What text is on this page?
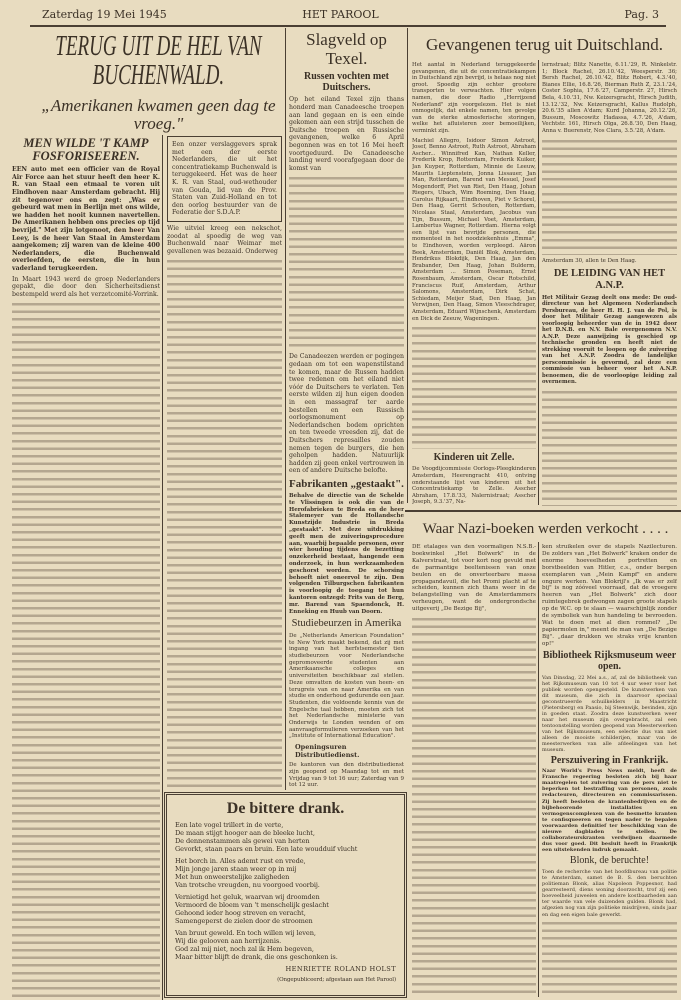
Zaterdag 19 Mei 1945	HET PAROOL	Pag. 3
TERUG UIT DE HEL VAN BUCHENWALD.
„Amerikanen kwamen geen dag te vroeg."
MEN WILDE 'T KAMP FOSFORISEEREN.
EEN auto met een officier van de Royal Air Force aan het stuur heeft den heer K. R. van Staal een etmaal te voren uit Eindhoven naar Amsterdam gebracht. Hij zit tegenover ons en zegt: „Was er gebeurd wat men in Berlijn met ons wilde, we hadden het nooit kunnen navertellen. De Amerikanen hebben ons precies op tijd bevrijd." Met zijn lotgenoot, den heer Van Leey, is de heer Van Staal in Amsterdam aangekomen; zij waren van de kleine 400 Nederlanders, die Buchenwald overleefden, de eersten, die in hun vaderland terugkeerden.
In Maart 1943 werd de groep Nederlanders gepakt, die door den Sicherheitsdienst bestempeld werd als het verzetcomité-Vorrink.
Een onzer verslaggevers sprak met een der eerste Nederlanders, die uit het concentratiekamp Buchenwald is teruggekeerd. Het was de heer K. R. van Staal, oud-wethouder van Gouda, lid van de Prov. Staten van Zuid-Holland en tot den oorlog bestuurder van de Federatie der S.D.A.P.
Wie uitviel kreeg een nekschot, zoodat al spoedig de weg van Buchenwald naar Weimar met gevallenen was bezaaid. Onderweg
Slagveld op Texel.
Russen vochten met Duitschers.
Op het eiland Texel zijn thans honderd man Canadeesche troepen aan land gegaan en is een einde gekomen aan een strijd tusschen de Duitsche troepen en Russische gevangenen, welke 6 April begonnen was en tot 16 Mei heeft voortgeduurd. De Canadeesche landing werd voorafgegaan door de komst van
De Canadeezen werden er pogingen gedaan om tot een wapenstilstand te komen, maar de Russen hadden twee redenen om het eiland niet vóór de Duitschers te verlaten. Ten eerste wilden zij hun eigen dooden in een massagraf ter aarde bestellen en een Russisch oorlogsmonument op Nederlandschen bodem oprichten en ten tweede vreesden zij, dat de Duitschers represailles zouden nemen tegen de burgers, die hen geholpen hadden. Natuurlijk hadden zij geen enkel vertrouwen in een of andere Duitsche belofte.
Fabrikanten „gestaakt".
Behalve de directie van de Schelde te Vlissingen is ook die van de Herofabrieken te Breda en de heer Stalemeyer van de Hollandsche Kunstzijde Industrie in Breda „gestaakt". Met deze uitdrukking geeft men de zuiveringsprocedure aan, waarbij bepaalde personen, over wier houding tijdens de bezetting onzekerheid bestaat, hangende een onderzoek, in hun werkzaamheden geschorst worden. De schorsing behoeft niet oneervol te zijn. Den volgenden Tilburgschen fabrikanten is voorloopig de toegang tot hun kantoren ontzegd: Frits van de Berg, mr. Barend van Spaendonck, H. Enneking en Huub van Doorn.
Studiebeurzen in Amerika
De „Netherlands American Foundation" te New York maakt bekend, dat zij met ingang van het herfstsemester tien studiebeurzen voor Nederlandsche gepromoveerde studenten aan Amerikaansche colleges en universiteiten beschikbaar zal stellen. Deze omvatten de kosten van heen- en terugreis van en naar Amerika en van studie en onderhoud gedurende een jaar. Studenten, die voldoende kennis van de Engelsche taal hebben, moeten zich tot het Nederlandsche ministerie van Onderwijs te Londen wenden of om aanvraagformulieren verzoeken van het „Institute of International Education".
Openingsuren Distributiedienst.
De kantoren van den distributiedienst zijn geopend op Maandag tot en met Vrijdag van 9 tot 16 uur; Zaterdag van 9 tot 12 uur.
Gevangenen terug uit Duitschland.
Het aantal in Nederland teruggekeerde gevangenen, die uit de concentratiekampen in Duitschland zijn bevrijd, is helaas nog niet groot. Spoedig zijn echter grootere transporten te verwachten. Hier volgen namen, die door Radio „Herrijzend Nederland" zijn voorgelezen. Het is niet onmogelijk, dat enkele namen, ten gevolge van de sterke atmosferische storingen, welke het afluisteren zeer bemoeilijken, verminkt zijn.
Machiel Allegro, Isidoor Simon Astroot, Josef, Benno Astroot, Ruth Astroot, Abraham Ascher... Winnifred Kan, Nathan Keller, Frederik Krop, Rotterdam, Frederik Kuiker, Jan Kuyper, Rotterdam, Minnie de Leeuw, Maurits Lieptenstein, Jonna Lissauer, Jan Man, Rotterdam, Barend van Mesuel, Josef Mogendorff, Piet van Riet, Den Haag, Johan Riegers, Ubach, Wim Roeming, Den Haag, Carolus Rijkaart, Eindhoven, Piet v Schorel, Den Haag, Gerrit Schouten, Rotterdam, Nicolaas Staal, Amsterdam, Jacobus van Tijn, Bussum, Michael Voet, Amsterdam, Lambertus Wagner, Rotterdam. Hierna volgt een lijst van bevrijde personen, die momenteel in het noodziekenhuis „Emma", te Eindhoven, worden verpleegd. Aäron Beek, Amsterdam, Daniël Blok, Amsterdam, Hendrikus Blokdijk, Den Haag, Jan den Brabander, Den Haag, Johan Bulderm, Amsterdam ... Simon Poseman, Ernst Rosenbaum, Amsterdam, Oscar Rotschild, Franciscus Ruif, Amsterdam, Arthur Salomons, Amsterdam, Dirk Schat, Schiedam, Meijer Stad, Den Haag, Jan Verwijnen, Den Haag, Simon Vleeschdrager, Amsterdam, Eduard Wijnschenk, Amsterdam en Dick de Zeeuw, Wageningen.
Kinderen uit Zelle.
De Voogdijcommissie Oorlogs-Pleegkinderen Amsterdam, Heerengracht 410, ontving onderstaande lijst van kinderen uit het Concentratiekamp te Zelle. Asscher Abraham, 17.8.'33, Nalernistraat; Asscher Joseph, 9.3.'37, Na-
lernstraat; Blitz Nanette, 6.11.'29, R. Ninkelstr. 1; Block Rachel, 26.10.'42, Weesperstr. 36; Bersh Rachel, 26.10.'42, Blitz Robert, 4.3.'40, Bianes Ellie, 16.8.'26, Bierman Ruth Z, 23.1.'24, Coster Sophia, 17.6.'27, Camperstr. 27, Hirsch Bela, 4.10.'31, Nw. Keizersgracht, Hirsch Judith, 13.12.'32, Nw. Keizersgracht, Kallus Rudolph, 20.6.'35 allen A'dam; Kurd Johanna, 20.12.'26, Bussum, Moscowitz Hadassa, 4.7.'26, A'dam, Vechtstr. 161, Hirsch Olga, 26.8.'30, Den Haag, Anna v. Buerenstr, Nos Clara, 3.5.'28, A'dam.
Amsterdam 30, allen te Den Haag.
DE LEIDING VAN HET A.N.P.
Het Militair Gezag deelt ons mede: De oud-directeur van het Algemeen Nederlandsch Persbureau, de heer H. H. J. van de Pol, is door het Militair Gezag aangewezen als voorloopig beheerder van de in 1942 door het D.N.B. en N.V. Bale overgenomen N.V. A.N.P. Deze aanwijzing is geschied op technische gronden en heeft niet de strekking vooruit te loopen op de zuivering van het A.N.P. Zoodra de landelijke perscommissie is gevormd, zal deze een commissie van beheer voor het A.N.P. benoemen, die de voorloopige leiding zal overnemen.
Waar Nazi-boeken werden verkocht . . . .
DE etalages van den voormaligen N.S.B.-boekwinkel „Het Bolwerk" in de Kalverstraat, tot voor kort nog gevuld met de parmantige beeltenissen van onze beulen en de onverteerbare massa propagandavuil, die het Promi placht af te scheiden, kunnen zich thans weer in de belangstelling van de Amsterdammers verheugen, want de ondergrondsche uitgeverij „De Bezige Bij",
ken struikelen over de stapels Nazilecturen. De zolders van „Het Bolwerk" kraken onder de enorme hoeveelheden portretten en borstbeelden van Hitler, c.s., onder bergen exemplaren van „Mein Kampf" en andere ongure werken. Van Blokrijl's „Ik was er zelf bij" is nog zóóveel voorraad, dat de vroegere heeren van „Het Bolwerk" zich door ruimtegebrek gedwongen zagen groote stapels op de W.C. op te slaan — waarschijnlijk zonder de symboliek van hun handeling te bevroeden. Wat te doen met al dien rommel? „De papiermolen in," meent de man van „De Bezige Bij". „daar drukken we straks vrije kranten op!"
Bibliotheek Rijksmuseum weer open.
Van Dinsdag, 22 Mei a.s., af, zal de bibliotheek van het Rijksmuseum van 10 tot 4 uur weer voor het publiek worden opengesteld. De kunstwerken van dit museum, die zich in daarvoor speciaal geconstrueerde schuilkelders in Maastricht (Pietersberg) en Paasio, bij Steenwijk, bevinden, zijn in goeden staat. Zoodra deze kunstwerken weer naar het museum zijn overgebracht, zal een tentoonstelling worden geopend van Meesterwerken van het Rijksmuseum, een selectie dus van niet alleen de mooiste schilderijen, maar van de meesterwerken van alle afdeelingen van het museum.
Perszuivering in Frankrijk.
Naar World's Press News meldt, heeft de Fransche regeering besloten zich bij haar maatregelen tot zuivering van de pers niet te beperken tot bestraffing van personen, zoals redacteuren, directeuren en commissarissen. Zij heeft besloten de krantenbedrijven en de bijbehoorende installaties en vermogenscomplexen van de besmette kranten te confisqueeren en tegen nader te bepalen voorwaarden definitief ter beschikking van de nieuwe dagbladen te stellen. De collaborateurskranten verdwijnen daarmede dus voor goed. Dit besluit heeft in Frankrijk een uitstekenden indruk gemaakt.
Blonk, de beruchte!
Toen de recherche van het hoofdbureau van politie te Amsterdam, samet de B. S. den beruchten politieman Blonk, alias Napoleon Poppesnor, had gearresteerd, diens woning doorzocht, trof zij een hoeveelheid juweelen en andere kostbaarheden aan ter waarde van vele duizenden gulden. Blonk had, afgezien nog van zijn politieke misdrijven, sinds jaar en dag een eigen bale gewerkt.
De bittere drank.
Een late vogel trillert in de verte,
De maan stijgt hooger aan de bleeke lucht,
De dennenstammen als gewei van herten
Gevorkt, staan paars en bruin. Een late woudduif vlucht
Het borch in. Alles ademt rust en vrede,
Mijn jonge jaren staan weer op in mij
Met hun onweerstelijke zaligheden
Van trotsche vreugden, nu voorgoed voorbij.
Vernietigd het geluk, waarvan wij droomden
Vermoord de bloem van 't menschelijk geslacht
Gehoond ieder hoog streven en veracht,
Samengeperst de zielen door de stroomen
Van bruut geweld. En toch willen wij leven,
Wij die gelooven aan herrijzenis.
God zal mij niet, noch zal ik Hem begeven,
Maar bitter blijft de drank, die ons geschonken is.
HENRIETTE ROLAND HOLST
(Ongepubliceerd; afgestaan aan Het Parool)
